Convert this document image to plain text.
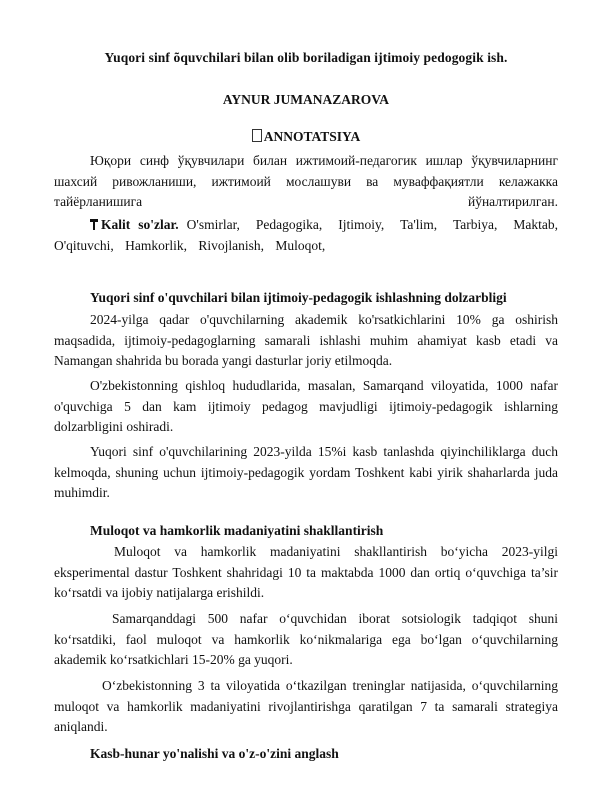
Yuqori sinf õquvchilari bilan olib bоriladigan ijtimoiy pedogogik ish.
AYNUR JUMANAZAROVA
ANNOTATSIYA
Юқори синф ўқувчилари билан ижтимоий-педагогик ишлар ўқувчиларнинг
шахсий ривожланиши, ижтимоий мослашуви ва муваффақиятли келажакка
тайёрланишига	йўналтирилган.
Kalit so'zlar. O'smirlar, Pedagogika, Ijtimoiy, Ta'lim, Tarbiya, Maktab, O'qituvchi, Hamkorlik, Rivojlanish, Muloqot,
Yuqori sinf o'quvchilari bilan ijtimoiy-pedagogik ishlashning dolzarbligi
2024-yilga qadar o'quvchilarning akademik ko'rsatkichlarini 10% ga oshirish maqsadida, ijtimoiy-pedagoglarning samarali ishlashi muhim ahamiyat kasb etadi va Namangan shahrida bu borada yangi dasturlar joriy etilmoqda.
O'zbekistonning qishloq hududlarida, masalan, Samarqand viloyatida, 1000 nafar o'quvchiga 5 dan kam ijtimoiy pedagog mavjudligi ijtimoiy-pedagogik ishlarning dolzarbligini oshiradi.
Yuqori sinf o'quvchilarining 2023-yilda 15%i kasb tanlashda qiyinchiliklarga duch kelmoqda, shuning uchun ijtimoiy-pedagogik yordam Toshkent kabi yirik shaharlarda juda muhimdir.
Muloqot va hamkorlik madaniyatini shakllantirish
Muloqot va hamkorlik madaniyatini shakllantirish bo‘yicha 2023-yilgi eksperimental dastur Toshkent shahridagi 10 ta maktabda 1000 dan ortiq o‘quvchiga ta’sir ko‘rsatdi va ijobiy natijalarga erishildi.
Samarqanddagi 500 nafar o‘quvchidan iborat sotsiologik tadqiqot shuni ko‘rsatdiki, faol muloqot va hamkorlik ko‘nikmalariga ega bo‘lgan o‘quvchilarning akademik ko‘rsatkichlari 15-20% ga yuqori.
O‘zbekistonning 3 ta viloyatida o‘tkazilgan treninglar natijasida, o‘quvchilarning muloqot va hamkorlik madaniyatini rivojlantirishga qaratilgan 7 ta samarali strategiya aniqlandi.
Kasb-hunar yo'nalishi va o'z-o'zini anglash
